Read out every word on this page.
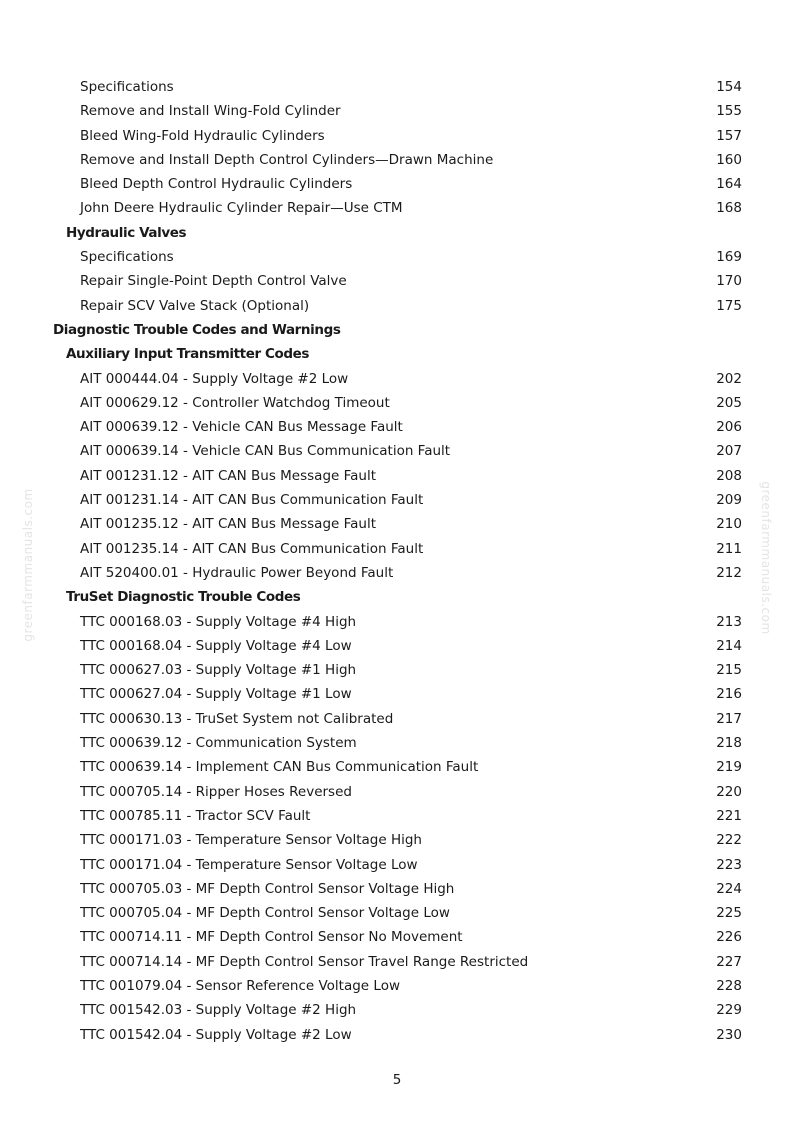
greenfarmmanuals.com	greenfarmmanuals.com
Specifications	154
Remove and Install Wing-Fold Cylinder	155
Bleed Wing-Fold Hydraulic Cylinders	157
Remove and Install Depth Control Cylinders—Drawn Machine	160
Bleed Depth Control Hydraulic Cylinders	164
John Deere Hydraulic Cylinder Repair—Use CTM	168
Hydraulic Valves
Specifications	169
Repair Single-Point Depth Control Valve	170
Repair SCV Valve Stack (Optional)	175
Diagnostic Trouble Codes and Warnings
Auxiliary Input Transmitter Codes
AIT 000444.04 - Supply Voltage #2 Low	202
AIT 000629.12 - Controller Watchdog Timeout	205
AIT 000639.12 - Vehicle CAN Bus Message Fault	206
AIT 000639.14 - Vehicle CAN Bus Communication Fault	207
AIT 001231.12 - AIT CAN Bus Message Fault	208
AIT 001231.14 - AIT CAN Bus Communication Fault	209
AIT 001235.12 - AIT CAN Bus Message Fault	210
AIT 001235.14 - AIT CAN Bus Communication Fault	211
AIT 520400.01 - Hydraulic Power Beyond Fault	212
TruSet Diagnostic Trouble Codes
TTC 000168.03 - Supply Voltage #4 High	213
TTC 000168.04 - Supply Voltage #4 Low	214
TTC 000627.03 - Supply Voltage #1 High	215
TTC 000627.04 - Supply Voltage #1 Low	216
TTC 000630.13 - TruSet System not Calibrated	217
TTC 000639.12 - Communication System	218
TTC 000639.14 - Implement CAN Bus Communication Fault	219
TTC 000705.14 - Ripper Hoses Reversed	220
TTC 000785.11 - Tractor SCV Fault	221
TTC 000171.03 - Temperature Sensor Voltage High	222
TTC 000171.04 - Temperature Sensor Voltage Low	223
TTC 000705.03 - MF Depth Control Sensor Voltage High	224
TTC 000705.04 - MF Depth Control Sensor Voltage Low	225
TTC 000714.11 - MF Depth Control Sensor No Movement	226
TTC 000714.14 - MF Depth Control Sensor Travel Range Restricted	227
TTC 001079.04 - Sensor Reference Voltage Low	228
TTC 001542.03 - Supply Voltage #2 High	229
TTC 001542.04 - Supply Voltage #2 Low	230
5
